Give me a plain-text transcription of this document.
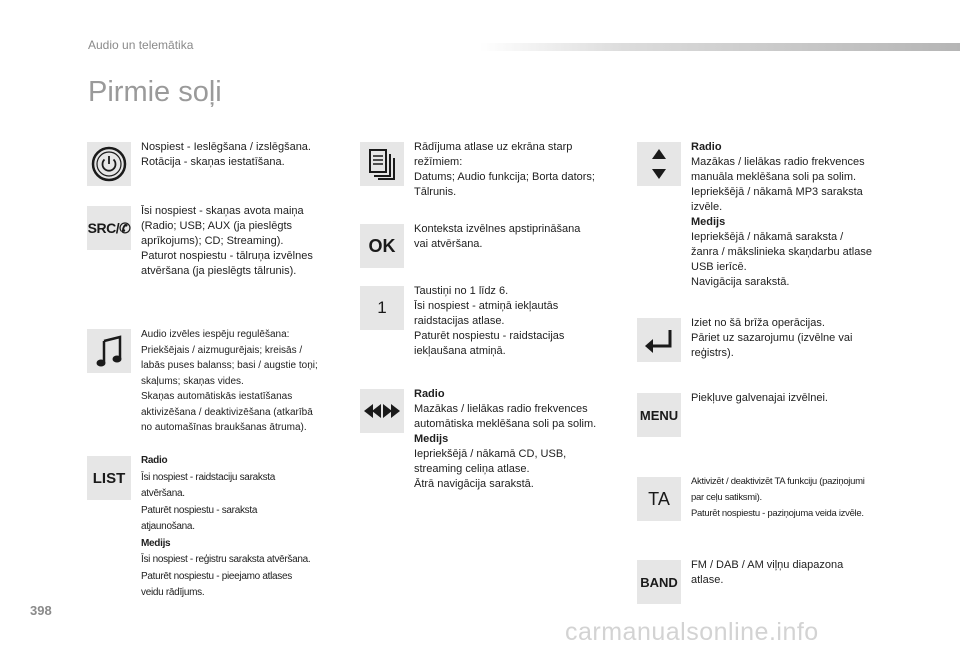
Audio un telemātika
Pirmie soļi
Nospiest - Ieslēgšana / izslēgšana.
Rotācija - skaņas iestatīšana.
SRC/✆
Īsi nospiest - skaņas avota maiņa
(Radio; USB; AUX (ja pieslēgts
aprīkojums); CD; Streaming).
Paturot nospiestu - tālruņa izvēlnes
atvēršana (ja pieslēgts tālrunis).
Audio izvēles iespēju regulēšana:
Priekšējais / aizmugurējais; kreisās /
labās puses balanss; basi / augstie toņi;
skaļums; skaņas vides.
Skaņas automātiskās iestatīšanas
aktivizēšana / deaktivizēšana (atkarībā
no automašīnas braukšanas ātruma).
LIST
Radio
Īsi nospiest - raidstaciju saraksta
atvēršana.
Paturēt nospiestu - saraksta
atjaunošana.
Medijs
Īsi nospiest - reģistru saraksta atvēršana.
Paturēt nospiestu - pieejamo atlases
veidu rādījums.
Rādījuma atlase uz ekrāna starp
režīmiem:
Datums; Audio funkcija; Borta dators;
Tālrunis.
OK
Konteksta izvēlnes apstiprināšana
vai atvēršana.
1
Taustiņi no 1 līdz 6.
Īsi nospiest - atmiņā iekļautās
raidstacijas atlase.
Paturēt nospiestu - raidstacijas
iekļaušana atmiņā.
Radio
Mazākas / lielākas radio frekvences
automātiska meklēšana soli pa solim.
Medijs
Iepriekšējā / nākamā CD, USB,
streaming celiņa atlase.
Ātrā navigācija sarakstā.
Radio
Mazākas / lielākas radio frekvences
manuāla meklēšana soli pa solim.
Iepriekšējā / nākamā MP3 saraksta
izvēle.
Medijs
Iepriekšējā / nākamā saraksta /
žanra / mākslinieka skaņdarbu atlase
USB ierīcē.
Navigācija sarakstā.
Iziet no šā brīža operācijas.
Pāriet uz sazarojumu (izvēlne vai
reģistrs).
MENU
Piekļuve galvenajai izvēlnei.
TA
Aktivizēt / deaktivizēt TA funkciju (paziņojumi
par ceļu satiksmi).
Paturēt nospiestu - paziņojuma veida izvēle.
BAND
FM / DAB / AM viļņu diapazona
atlase.
398
carmanualsonline.info
